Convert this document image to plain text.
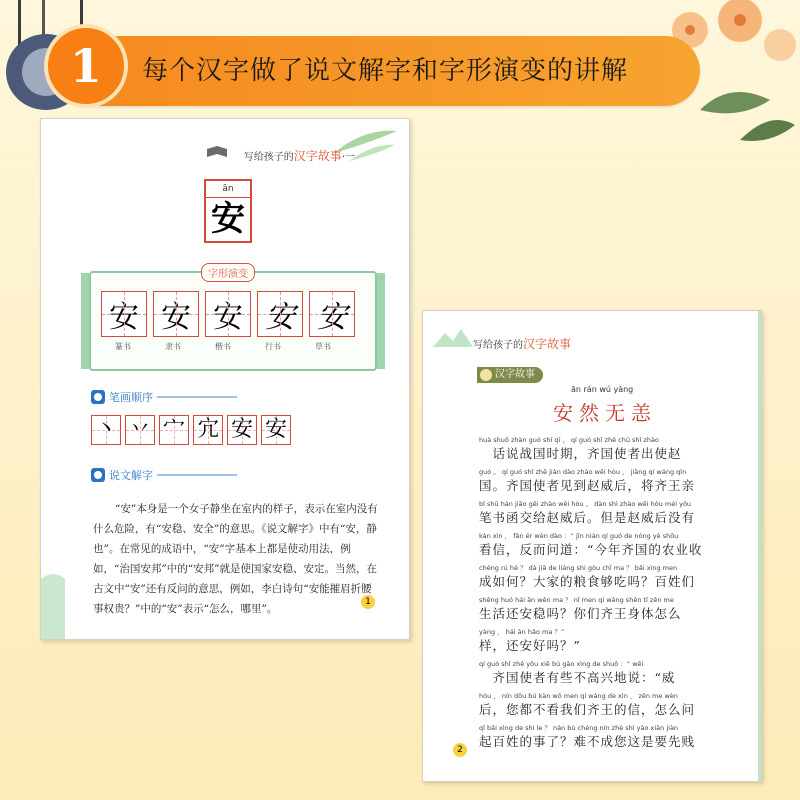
1	每个汉字做了说文解字和字形演变的讲解
写给孩子的汉字故事·一
ān
安
字形演变
安 安 安 安 安
篆书	隶书	楷书	行书	草书
笔画顺序
丶 丷 宀 宂 安 安
说文解字
“安”本身是一个女子静坐在室内的样子，表示在室内没有什么危险，有“安稳、安全”的意思。《说文解字》中有“安，静也”。在常见的成语中，“安”字基本上都是使动用法，例如，“治国安邦”中的“安邦”就是使国家安稳、安定。当然，在古文中“安”还有反问的意思，例如，李白诗句“安能摧眉折腰事权贵？”中的“安”表示“怎么，哪里”。
1
写给孩子的汉字故事
汉字故事
ān rán wú yàng
安然无恙
huà shuō zhàn guó shí qī ， qí guó shǐ zhě chū shǐ zhào
　话说战国时期，齐国使者出使赵
guó 。 qí guó shǐ zhě jiàn dào zhào wēi hòu ， jiāng qí wáng qīn
国。齐国使者见到赵威后，将齐王亲
bǐ shū hán jiāo gěi zhào wēi hòu 。 dàn shì zhào wēi hòu méi yǒu
笔书函交给赵威后。但是赵威后没有
kàn xìn ， fǎn ér wèn dào ：“ jīn nián qí guó de nóng yè shōu
看信，反而问道：“今年齐国的农业收
chéng rú hé ？ dà jiā de liáng shi gòu chī ma ？ bǎi xìng men
成如何？大家的粮食够吃吗？百姓们
shēng huó hái ān wěn ma ？ nǐ men qí wáng shēn tǐ zěn me
生活还安稳吗？你们齐王身体怎么
yàng ， hái ān hǎo ma ？”
样，还安好吗？”
qí guó shǐ zhě yǒu xiē bù gāo xìng de shuō ：“ wēi
　齐国使者有些不高兴地说：“威
hòu ， nín dōu bú kàn wǒ men qí wáng de xìn ， zěn me wèn
后，您都不看我们齐王的信，怎么问
qǐ bǎi xìng de shì le ？ nán bù chéng nín zhè shì yào xiān jiàn
起百姓的事了？难不成您这是要先贱
2
